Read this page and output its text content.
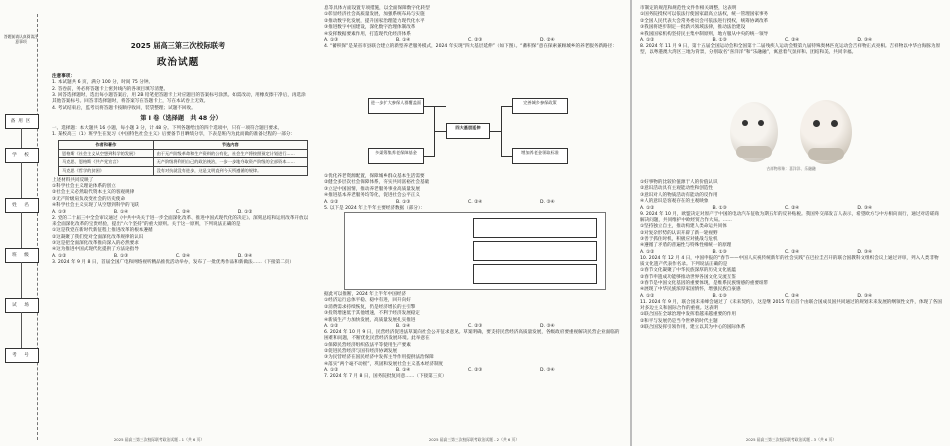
答题前请认真阅读注意事项
备用区
学 校
姓 名
班 级
试 场
考 号
2025 届高三第三次校际联考
政治试题

注意事项：

1. 本试题共 6 页，满分 100 分，时间 75 分钟。

2. 答卷前，务必将答题卡上密封线内的各项目填写清楚。

3. 回答选择题时，选出每小题答案后，用 2B 铅笔把答题卡上对应题目的答案标号涂黑。如需改动，用橡皮擦干净后，再选涂其他答案标号。回答非选择题时，将答案写在答题卡上，写在本试卷上无效。

4. 考试结束后，监考员将答题卡按顺序收回，装袋整理；试题不回收。

第 Ⅰ 卷（选择题　共 48 分）

一、选择题：本大题共 16 小题，每小题 3 分，计 48 分。下列各题给出的四个选项中，只有一项符合题目要求。

1. 某校高三（1）班学生在复习《中国特色社会主义》后要备节目晒绩分享，下表是班内为此而做的准备过程的一部分：

作者和著作	节选内容
恩格斯《社会主义从空想到科学的发展》	由于无产阶级革命和生产资料的公有化，社会生产将按照预定计划进行……
马克思、恩格斯《共产党宣言》	无产阶级将利用自己的政治统治，一步一步地夺取资产阶级的全部资本……
马克思《哲学的贫困》	没有对抗就没有进步，这是文明直到今天所遵循的规律。

上述材料共同反映了

①科学社会主义理论体系的创立

②社会主义必然取代资本主义的客观规律

③无产阶级肩负改变社会的历史使命

④科学社会主义实现了从空想到科学的飞跃

A. ①③	B. ①④	C. ②④	D. ①②

2. 党的二十届三中全会审议通过《中共中央关于进一步全面深化改革、推进中国式现代化的决定》。深刻总结和运用改革开放以来全面深化改革的宝贵经验，提出“六个坚持”的重大原则。关于这一原则，下列说法正确的是

①这是我党在新时代新征程上推进改革的根本遵循

②这凝聚了我们党对全面深化改革规律的认识

③这是把全面深化改革推向深入的必然要求

④这为推进中国式现代化提供了方法论指导

A. ①②	B. ①③	C. ②④	D. ③④

3. 2024 年 9 月 8 日，首届全国广电和网络视听精品推优活动举办，发布了一批优秀作品和新做法……（下接第二页）

2025 届高三第三次校际联考政治试题 - 1（共 6 页）

息等具体方面设置专项措施，以全面保障数字化转型

①彰显经济社会高质量发展，加强系统布局与实施

②推动数字化发展，提升国家治理能力现代化水平

③推进数字中国建设，深化数字治理体制改革

④发挥数据要素作用，打造现代化经济体系

A. ①③	B. ①④	C. ②③	D. ②④

4. “蓄积保”是某省市县联合建立的新型养老服务模式，2024 年实现“四大基层延伸”（如下图）。“蓄积保”意在探索兼顾城乡的养老服务新路径：

进一步扩大参保人群覆盖面
多渠筹集养老保障基金
四大基层延伸
完善城乡参保政策
增加养老金领取标准

①优化养老资源配置，保障城乡群众基本生活需要

②健全多层次社会保障体系，夯实共同富裕社会基础

③立足中国国情，推动养老服务事业高质量发展

④推进基本养老服务均等化，促进社会公平正义

A. ①②	B. ①③	C. ②④	D. ③④

5. 以下是 2024 年上半年主要经济数据（部分）：

据此可以推断，2024 年上半年中国经济

①经济运行总体平稳、稳中有进，回升向好

②消费需求持续恢复，仍是经济增长的主引擎

③投资增速低于其他增速，不利于经济发展稳定

④新质生产力加快发展，高质量发展扎实推进

A. ①②	B. ①④	C. ②③	D. ③④

6. 2024 年 10 月 9 日，民营经济促进法草案向社会公开征求意见。草案明确，要支持民营经济高质量发展，各级政府要重视解决民营企业面临的困难和问题，不断优化民营经济发展环境。此举意在

①保障民营经济组织依法平等使用生产要素

②促进民营经济与国有经济协调发展

③为民营经济在国民经济中发挥主导作用提供法治保障

④落实“两个毫不动摇”，巩固和发展社会主义基本经济制度

A. ①②	B. ①④	C. ②③	D. ③④

7. 2024 年 7 月 8 日，国务院批复同意……（下接第三页）

2025 届高三第三次校际联考政治试题 - 2（共 6 页）

市制定的规范和规范性文件作相关调整，这表明

①国务院授权可以依法行使国家最高立法权，统一管理国家事务

②全国人民代表大会常务委员会可依法进行授权，统筹协调改革

③我国将逐步制定一批新兴领域法律，推动法治建设

④我国国家机构坚持民主集中制原则，地方服从中央的统一领导

A. ①②	B. ①③	C. ②④	D. ③④

8. 2024 年 11 月 9 日，第十五届全国运动会和全国第十二届残疾人运动会暨第九届特殊奥林匹克运动会吉祥物正式亮相。吉祥物以中华白海豚为原型，以粤港澳大湾区三地为背景，分别取名“喜洋洋”和“乐融融”，寓意着气氛祥和、团结和美、共同幸福。

吉祥物形象：喜洋洋、乐融融

①好事物的比较价值源于人的价值认识

②意识活动具有主观能动性和创造性

③意识对人的物质活动有能动的反作用

④人的意识是客观存在的主观映象

A. ①②	B. ①③	C. ②④	D. ③④

9. 2024 年 10 月，欧盟决定对原产于中国的电动汽车征收为期五年的反补贴税。我国外交部发言人表示，希望欧方与中方相向而行，通过对话磋商解决问题，共同维护中欧经贸合作大局。……

①坚持独立自主，推动构建人类命运共同体

②对复杂形势的认识开辟了新一轮视野

③善于抓住时机，积极应对挑战与危机

④遵循了矛盾的普遍性与特殊性相统一的原理

A. ①②	B. ①③	C. ②④	D. ③④

10. 2024 年 12 月 4 日，中国申报的“春节——中国人庆祝传统新年的社会实践”在巴拉圭召开的联合国教科文组织会议上通过评审，列入人类非物质文化遗产代表作名录。下列说法正确的是

①春节文化凝聚了中华民族深厚的历史文化底蕴

②春节申遗成功能够推动世界各国文化交流互鉴

③春节是中国文化基因的重要体现，是维系民族情感的重要纽带

④展现了中华民族浓厚家国情怀，增强民族自豪感

A. ①②	B. ①③	C. ②④	D. ③④

11. 2024 年 9 月，联合国未来峰会通过了《未来契约》，这是继 2015 年后首个由联合国成员国共同通过的规划未来发展的纲领性文件，体现了各国对多边主义和国际合作的重视。这表明

①联合国在全球治理中发挥着越来越重要的作用

②和平与发展仍是当今世界的时代主题

③联合国发挥引领作用，建立以其为中心的国际体系

2025 届高三第三次校际联考政治试题 - 3（共 6 页）
